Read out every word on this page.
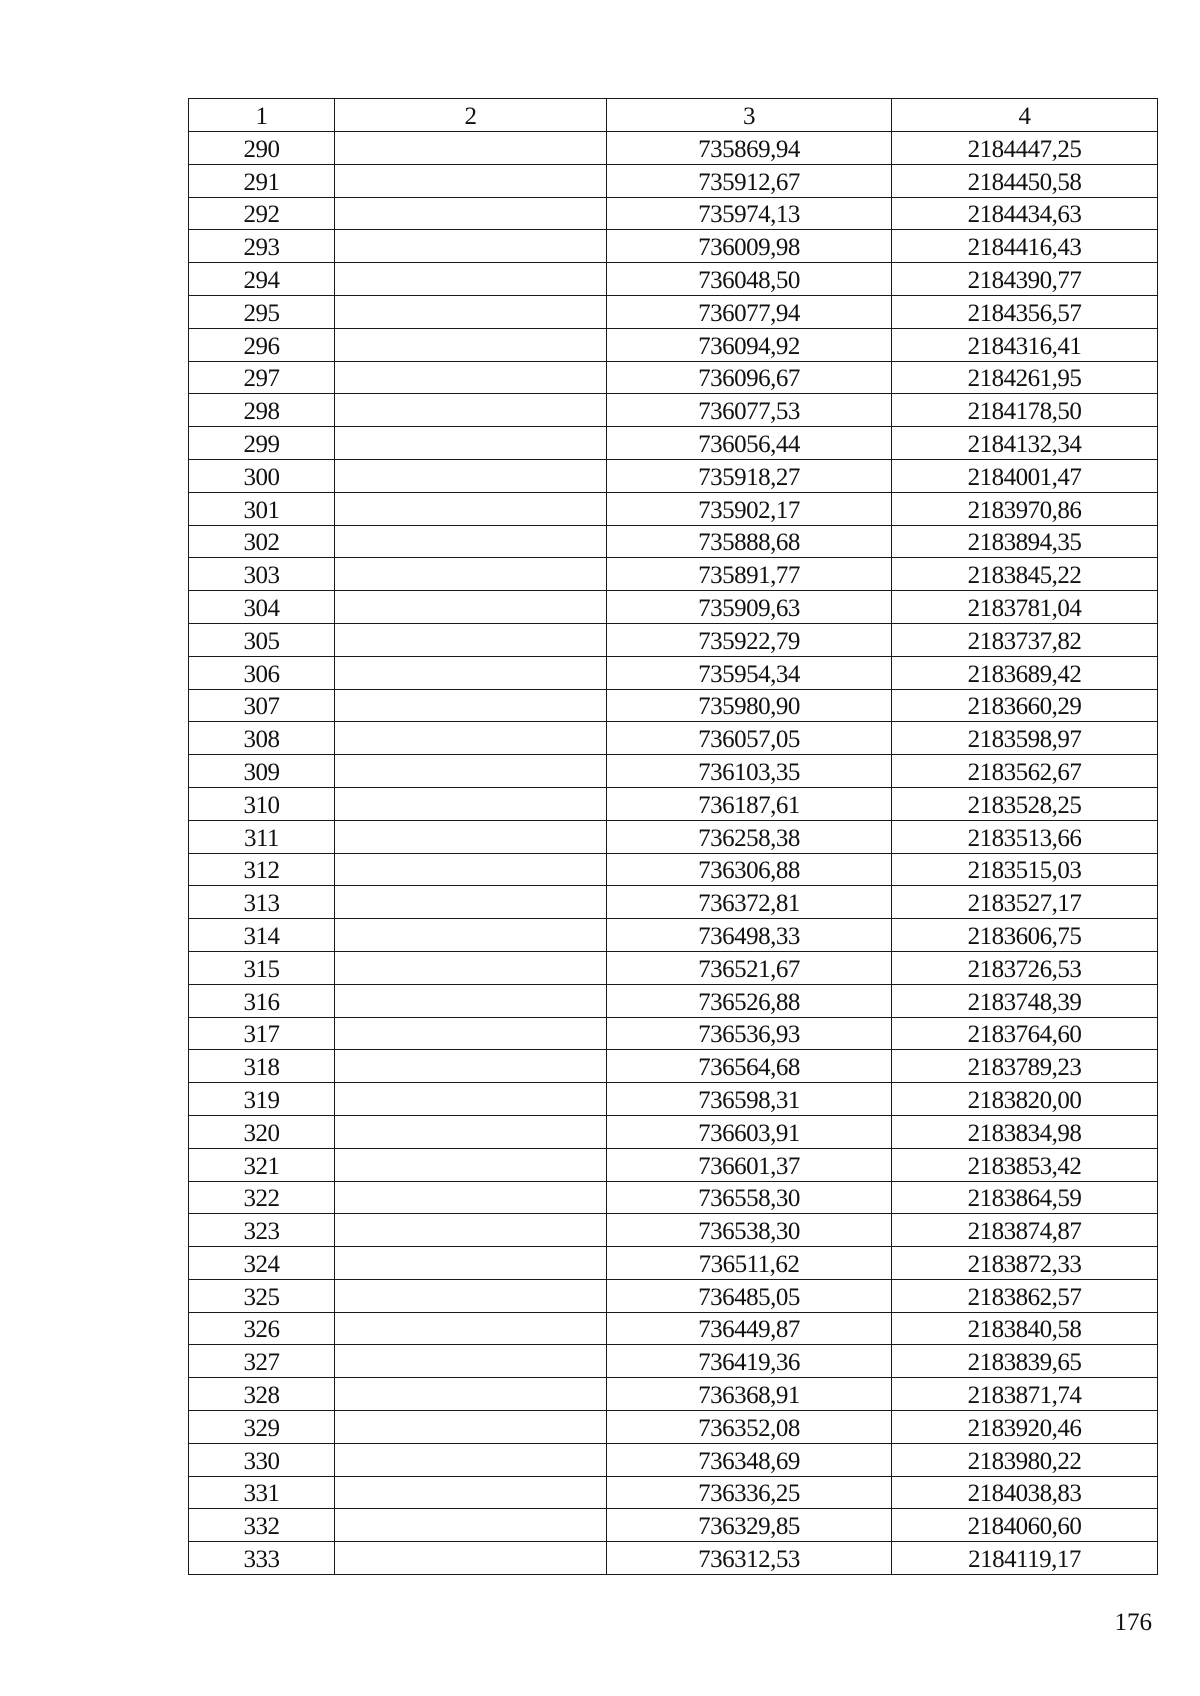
1	2	3	4
290		735869,94	2184447,25
291		735912,67	2184450,58
292		735974,13	2184434,63
293		736009,98	2184416,43
294		736048,50	2184390,77
295		736077,94	2184356,57
296		736094,92	2184316,41
297		736096,67	2184261,95
298		736077,53	2184178,50
299		736056,44	2184132,34
300		735918,27	2184001,47
301		735902,17	2183970,86
302		735888,68	2183894,35
303		735891,77	2183845,22
304		735909,63	2183781,04
305		735922,79	2183737,82
306		735954,34	2183689,42
307		735980,90	2183660,29
308		736057,05	2183598,97
309		736103,35	2183562,67
310		736187,61	2183528,25
311		736258,38	2183513,66
312		736306,88	2183515,03
313		736372,81	2183527,17
314		736498,33	2183606,75
315		736521,67	2183726,53
316		736526,88	2183748,39
317		736536,93	2183764,60
318		736564,68	2183789,23
319		736598,31	2183820,00
320		736603,91	2183834,98
321		736601,37	2183853,42
322		736558,30	2183864,59
323		736538,30	2183874,87
324		736511,62	2183872,33
325		736485,05	2183862,57
326		736449,87	2183840,58
327		736419,36	2183839,65
328		736368,91	2183871,74
329		736352,08	2183920,46
330		736348,69	2183980,22
331		736336,25	2184038,83
332		736329,85	2184060,60
333		736312,53	2184119,17
176
